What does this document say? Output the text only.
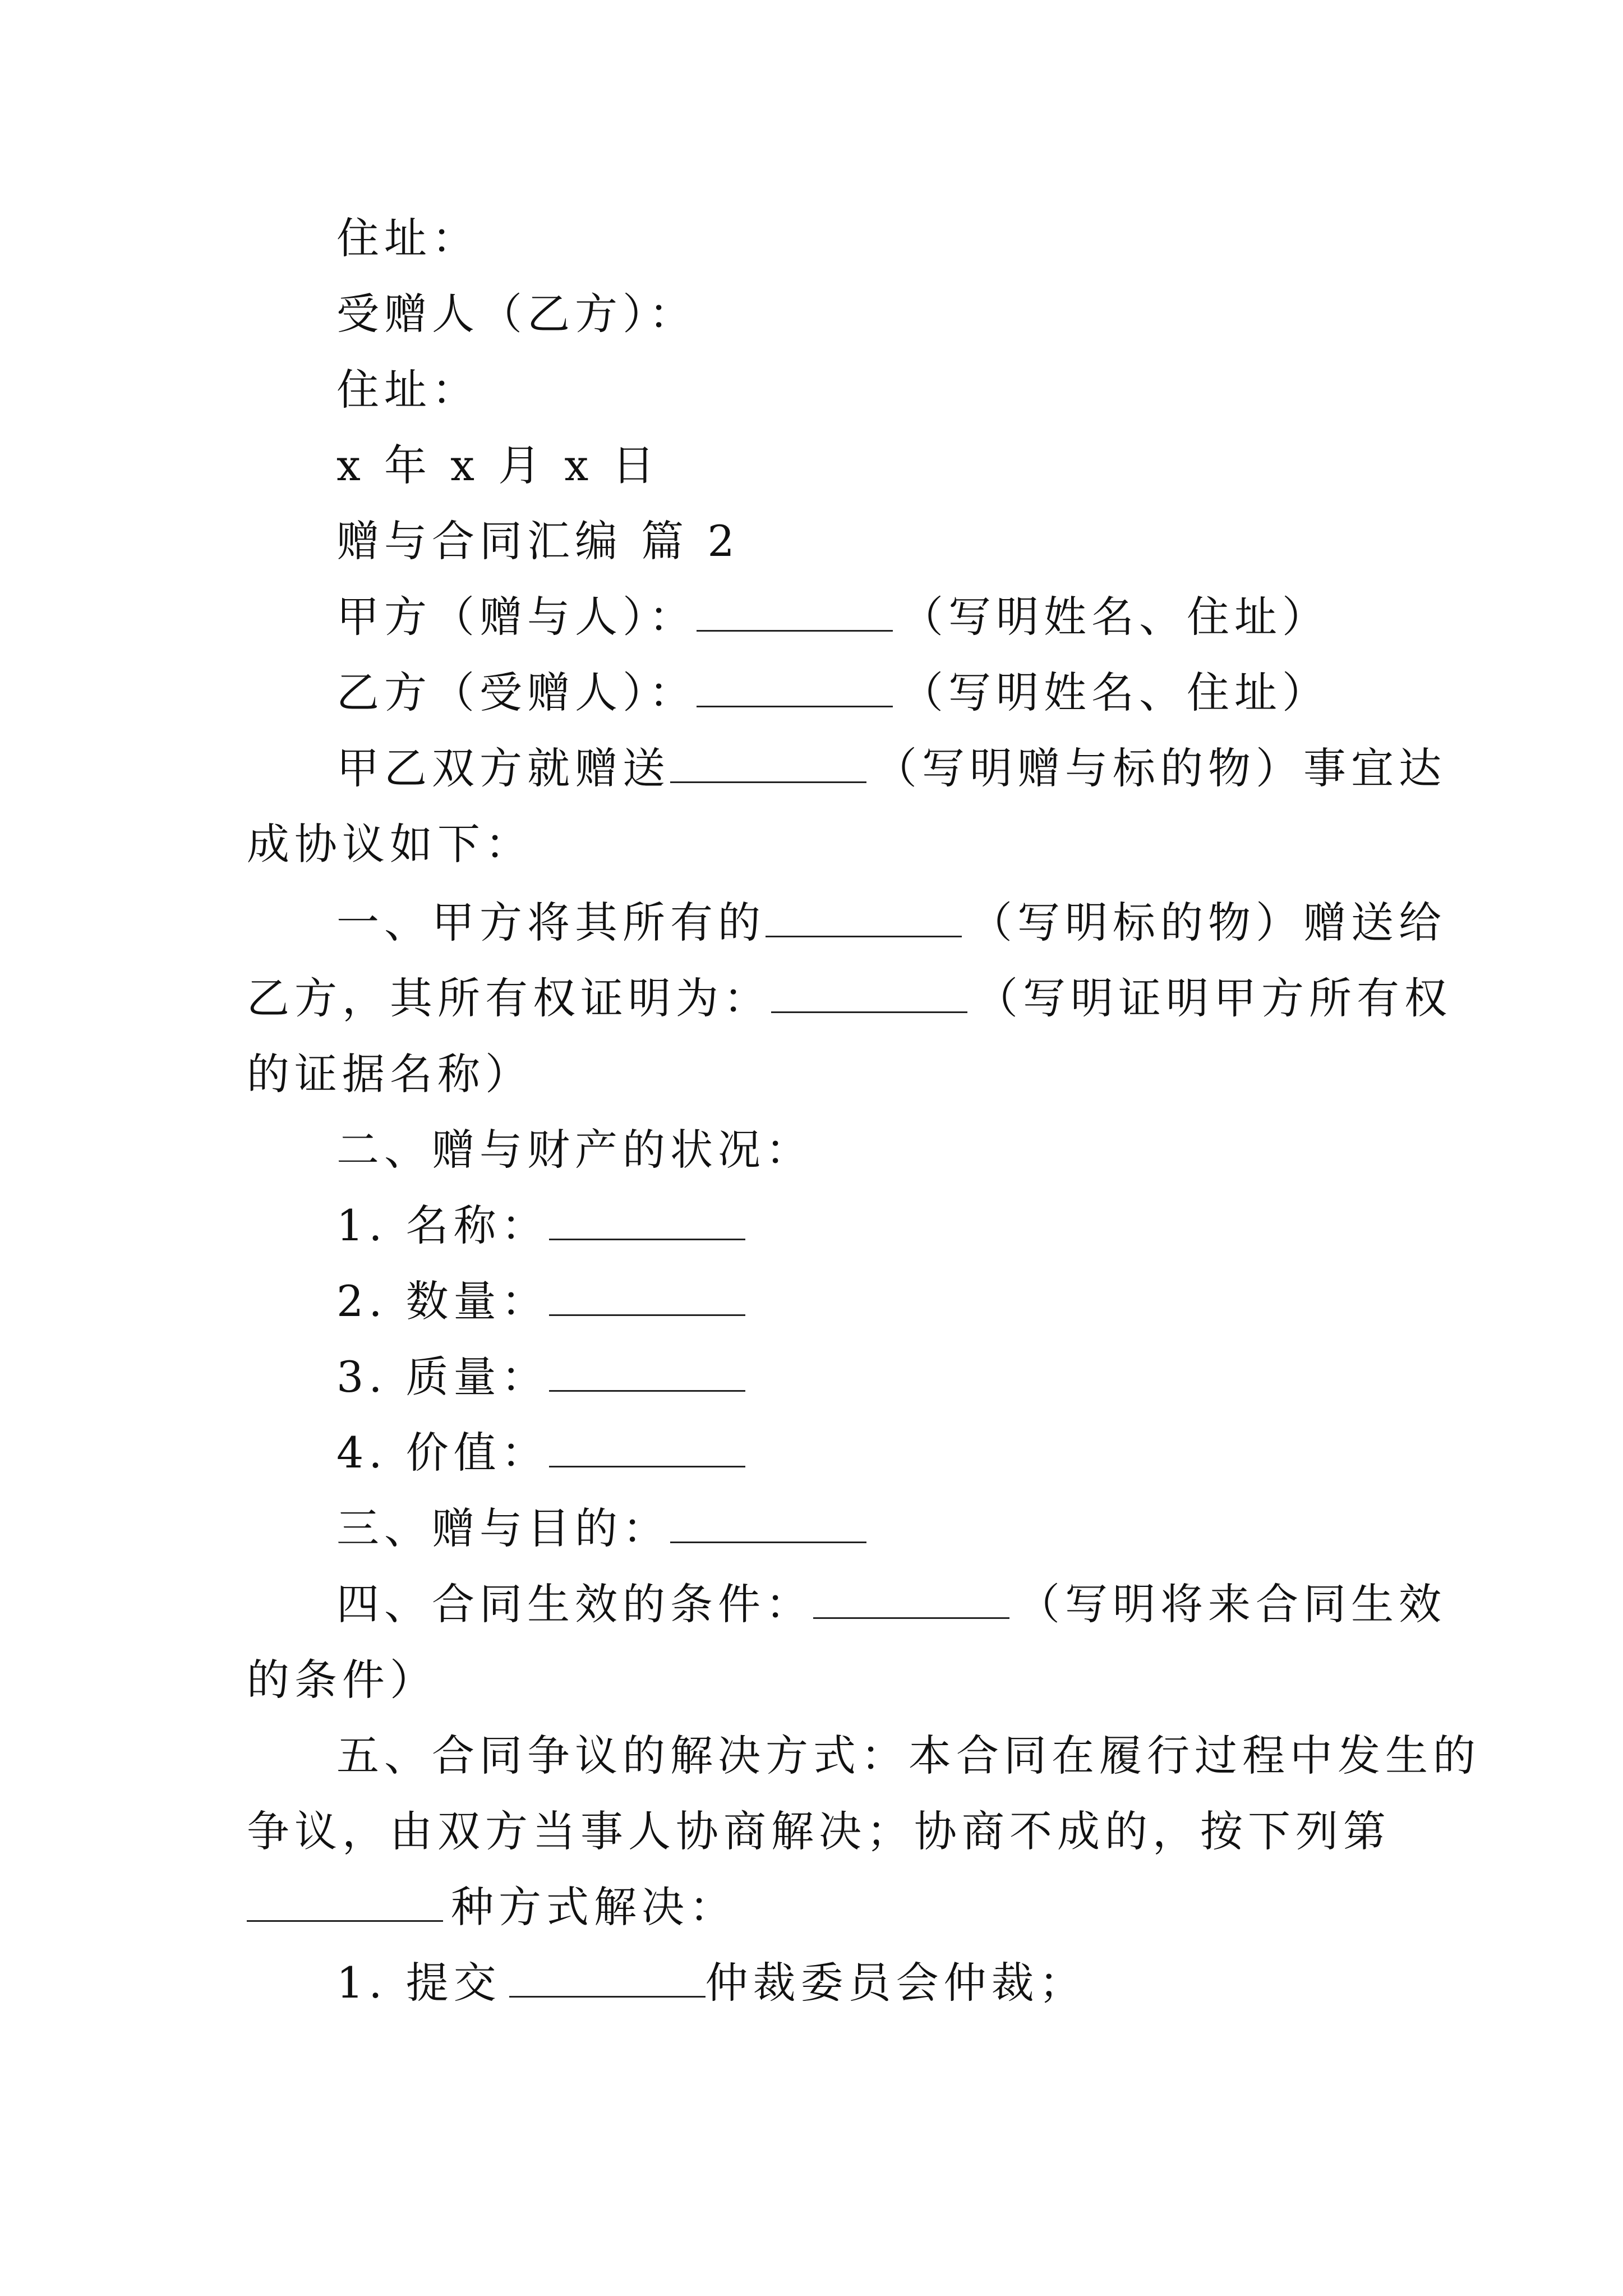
住址：
受赠人（乙方）：
住址：
x 年 x 月 x 日
赠与合同汇编 篇 2
甲方（赠与人）：	（写明姓名、住址）
乙方（受赠人）：	（写明姓名、住址）
甲乙双方就赠送	（写明赠与标的物）事宜达
成协议如下：
一、甲方将其所有的	（写明标的物）赠送给
乙方，其所有权证明为：	（写明证明甲方所有权
的证据名称）
二、赠与财产的状况：
1. 名称：
2. 数量：
3. 质量：
4. 价值：
三、赠与目的：
四、合同生效的条件：	（写明将来合同生效
的条件）
五、合同争议的解决方式：本合同在履行过程中发生的
争议，由双方当事人协商解决；协商不成的，按下列第
种方式解决：
1. 提交	仲裁委员会仲裁；
